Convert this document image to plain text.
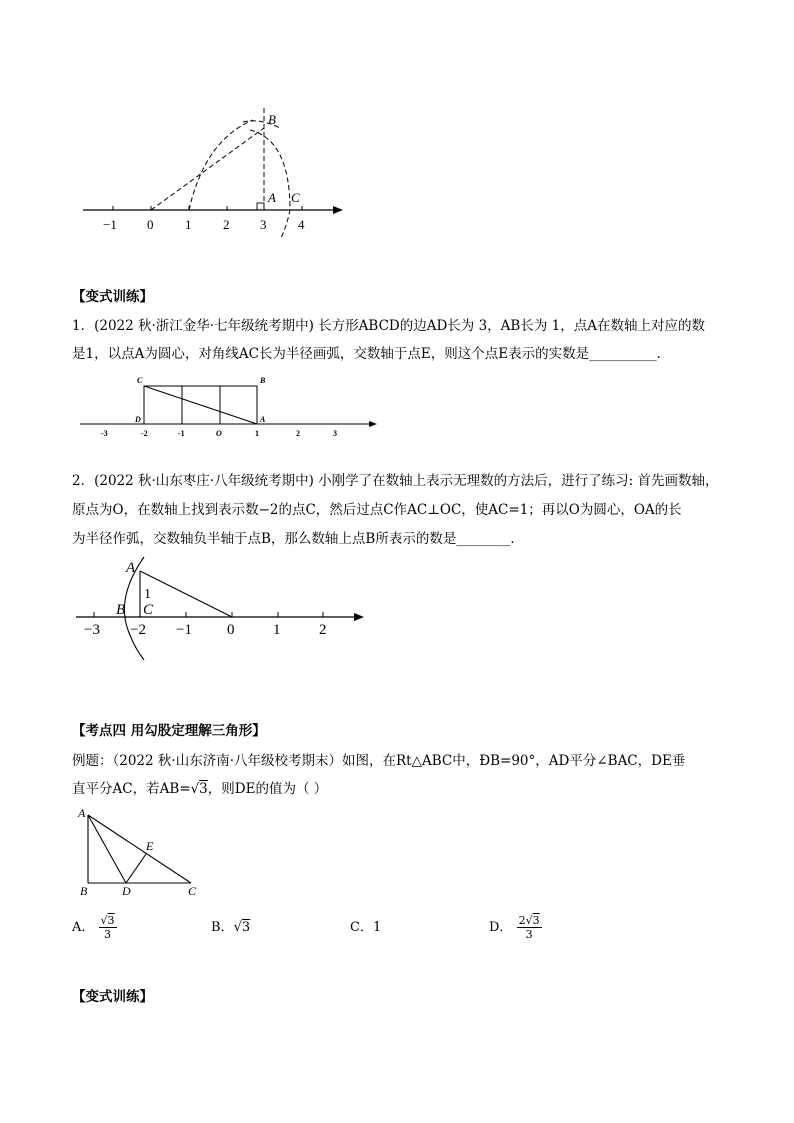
−1 0 1 2 3 4
B
A C
【变式训练】
1．(2022 秋·浙江金华·七年级统考期中) 长方形ABCD的边AD长为 3，AB长为 1，点A在数轴上对应的数
是1，以点A为圆心，对角线AC长为半径画弧，交数轴于点E，则这个点E表示的实数是__________．
-3	-2	-1	O	1	2	3
C	B
D	A
2．(2022 秋·山东枣庄·八年级统考期中) 小刚学了在数轴上表示无理数的方法后，进行了练习: 首先画数轴，
原点为O，在数轴上找到表示数−2的点C，然后过点C作AC⊥OC，使AC=1；再以O为圆心，OA的长
为半径作弧，交数轴负半轴于点B，那么数轴上点B所表示的数是________．
−3 −2 −1 0	1	2
A
B C
1
【考点四 用勾股定理解三角形】
例题：（2022 秋·山东济南·八年级校考期末）如图，在Rt△ABC中，ÐB=90°，AD平分∠BAC，DE垂
直平分AC，若AB=√3，则DE的值为（ ）
A
B	D	C
E
A． $\frac{√3}{3}$	B．√3	C．1	D． $\frac{2√3}{3}$
【变式训练】
